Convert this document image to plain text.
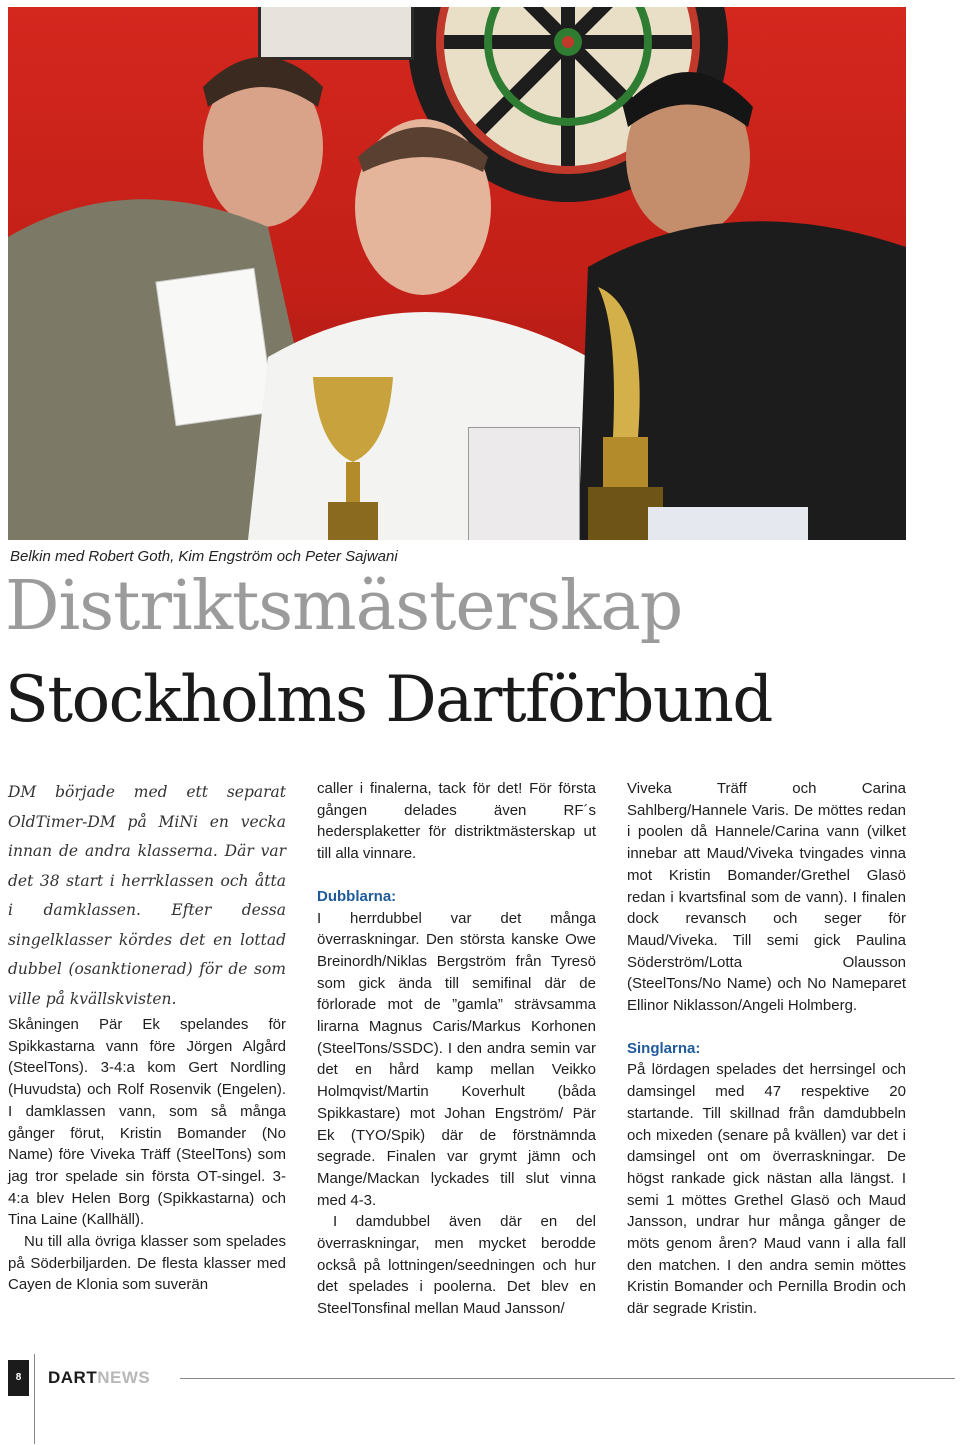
Belkin med Robert Goth, Kim Engström och Peter Sajwani
Distriktsmästerskap
Stockholms Dartförbund

DM började med ett separat OldTimer-DM på MiNi en vecka innan de andra klasserna. Där var det 38 start i herrklassen och åtta i damklassen. Efter dessa singelklasser kördes det en lottad dubbel (osanktionerad) för de som ville på kvällskvisten.

Skåningen Pär Ek spelandes för Spikkastarna vann före Jörgen Algård (SteelTons). 3-4:a kom Gert Nordling (Huvudsta) och Rolf Rosenvik (Engelen). I damklassen vann, som så många gånger förut, Kristin Bomander (No Name) före Viveka Träff (SteelTons) som jag tror spelade sin första OT-singel. 3-4:a blev Helen Borg (Spikkastarna) och Tina Laine (Kallhäll).

Nu till alla övriga klasser som spelades på Söderbiljarden. De flesta klasser med Cayen de Klonia som suverän

caller i finalerna, tack för det! För första gången delades även RF´s hedersplaketter för distriktmästerskap ut till alla vinnare.

Dubblarna:

I herrdubbel var det många överraskningar. Den största kanske Owe Breinordh/Niklas Bergström från Tyresö som gick ända till semifinal där de förlorade mot de ”gamla” strävsamma lirarna Magnus Caris/Markus Korhonen (SteelTons/SSDC). I den andra semin var det en hård kamp mellan Veikko Holmqvist/Martin Koverhult (båda Spikkastare) mot Johan Engström/ Pär Ek (TYO/Spik) där de förstnämnda segrade. Finalen var grymt jämn och Mange/Mackan lyckades till slut vinna med 4-3.

I damdubbel även där en del överraskningar, men mycket berodde också på lottningen/seedningen och hur det spelades i poolerna. Det blev en SteelTonsfinal mellan Maud Jansson/

Viveka Träff och Carina Sahlberg/Hannele Varis. De möttes redan i poolen då Hannele/Carina vann (vilket innebar att Maud/Viveka tvingades vinna mot Kristin Bomander/Grethel Glasö redan i kvartsfinal som de vann). I finalen dock revansch och seger för Maud/Viveka. Till semi gick Paulina Söderström/Lotta Olausson (SteelTons/No Name) och No Nameparet Ellinor Niklasson/Angeli Holmberg.

Singlarna:

På lördagen spelades det herrsingel och damsingel med 47 respektive 20 startande. Till skillnad från damdubbeln och mixeden (senare på kvällen) var det i damsingel ont om överraskningar. De högst rankade gick nästan alla längst. I semi 1 möttes Grethel Glasö och Maud Jansson, undrar hur många gånger de möts genom åren? Maud vann i alla fall den matchen. I den andra semin möttes Kristin Bomander och Pernilla Brodin och där segrade Kristin.

8	DARTNEWS
